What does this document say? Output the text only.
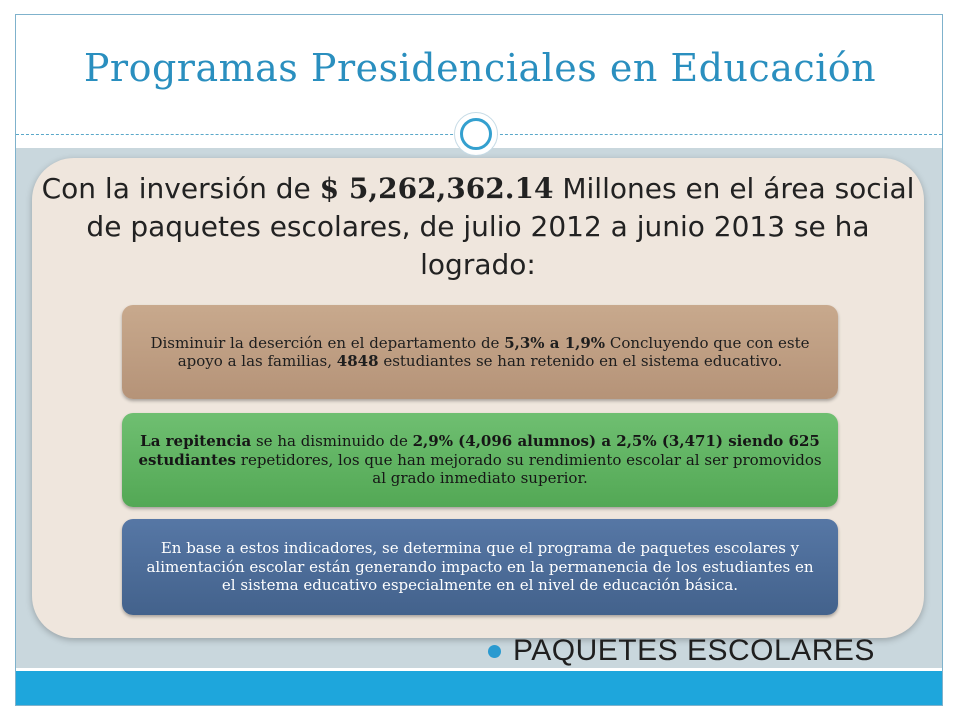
Programas Presidenciales en Educación
Con la inversión de $ 5,262,362.14 Millones en el área social de paquetes escolares, de julio 2012 a junio 2013 se ha logrado:
Disminuir la deserción en el departamento de 5,3% a 1,9% Concluyendo que con este apoyo a las familias, 4848 estudiantes se han retenido en el sistema educativo.
La repitencia se ha disminuido de 2,9% (4,096 alumnos) a 2,5% (3,471) siendo 625 estudiantes repetidores, los que han mejorado su rendimiento escolar al ser promovidos al grado inmediato superior.
En base a estos indicadores, se determina que el programa de paquetes escolares y alimentación escolar están generando impacto en la permanencia de los estudiantes en el sistema educativo especialmente en el nivel de educación básica.
PAQUETES ESCOLARES
